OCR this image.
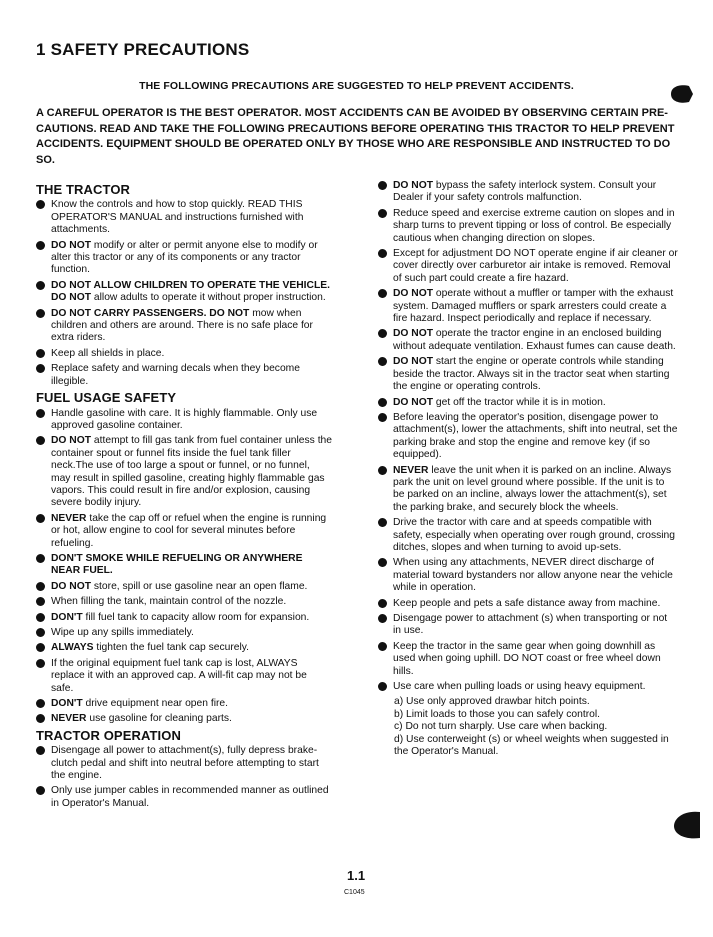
1 SAFETY PRECAUTIONS
THE FOLLOWING PRECAUTIONS ARE SUGGESTED TO HELP PREVENT ACCIDENTS.
A CAREFUL OPERATOR IS THE BEST OPERATOR. MOST ACCIDENTS CAN BE AVOIDED BY OBSERVING CERTAIN PRE-CAUTIONS. READ AND TAKE THE FOLLOWING PRECAUTIONS BEFORE OPERATING THIS TRACTOR TO HELP PREVENT ACCIDENTS. EQUIPMENT SHOULD BE OPERATED ONLY BY THOSE WHO ARE RESPONSIBLE AND INSTRUCTED TO DO SO.
THE TRACTOR
Know the controls and how to stop quickly. READ THIS OPERATOR'S MANUAL and instructions furnished with attachments.
DO NOT modify or alter or permit anyone else to modify or alter this tractor or any of its components or any tractor function.
DO NOT ALLOW CHILDREN TO OPERATE THE VEHICLE. DO NOT allow adults to operate it without proper instruction.
DO NOT CARRY PASSENGERS. DO NOT mow when children and others are around. There is no safe place for extra riders.
Keep all shields in place.
Replace safety and warning decals when they become illegible.
FUEL USAGE SAFETY
Handle gasoline with care. It is highly flammable. Only use approved gasoline container.
DO NOT attempt to fill gas tank from fuel container unless the container spout or funnel fits inside the fuel tank filler neck.The use of too large a spout or funnel, or no funnel, may result in spilled gasoline, creating highly flammable gas vapors. This could result in fire and/or explosion, causing severe bodily injury.
NEVER take the cap off or refuel when the engine is running or hot, allow engine to cool for several minutes before refueling.
DON'T SMOKE WHILE REFUELING OR ANYWHERE NEAR FUEL.
DO NOT store, spill or use gasoline near an open flame.
When filling the tank, maintain control of the nozzle.
DON'T fill fuel tank to capacity allow room for expansion.
Wipe up any spills immediately.
ALWAYS tighten the fuel tank cap securely.
If the original equipment fuel tank cap is lost, ALWAYS replace it with an approved cap. A will-fit cap may not be safe.
DON'T drive equipment near open fire.
NEVER use gasoline for cleaning parts.
TRACTOR OPERATION
Disengage all power to attachment(s), fully depress brake-clutch pedal and shift into neutral before attempting to start the engine.
Only use jumper cables in recommended manner as outlined in Operator's Manual.
DO NOT bypass the safety interlock system. Consult your Dealer if your safety controls malfunction.
Reduce speed and exercise extreme caution on slopes and in sharp turns to prevent tipping or loss of control. Be especially cautious when changing direction on slopes.
Except for adjustment DO NOT operate engine if air cleaner or cover directly over carburetor air intake is removed. Removal of such part could create a fire hazard.
DO NOT operate without a muffler or tamper with the exhaust system. Damaged mufflers or spark arresters could create a fire hazard. Inspect periodically and replace if necessary.
DO NOT operate the tractor engine in an enclosed building without adequate ventilation. Exhaust fumes can cause death.
DO NOT start the engine or operate controls while standing beside the tractor. Always sit in the tractor seat when starting the engine or operating controls.
DO NOT get off the tractor while it is in motion.
Before leaving the operator's position, disengage power to attachment(s), lower the attachments, shift into neutral, set the parking brake and stop the engine and remove key (if so equipped).
NEVER leave the unit when it is parked on an incline. Always park the unit on level ground where possible. If the unit is to be parked on an incline, always lower the attachment(s), set the parking brake, and securely block the wheels.
Drive the tractor with care and at speeds compatible with safety, especially when operating over rough ground, crossing ditches, slopes and when turning to avoid up-sets.
When using any attachments, NEVER direct discharge of material toward bystanders nor allow anyone near the vehicle while in operation.
Keep people and pets a safe distance away from machine.
Disengage power to attachment (s) when transporting or not in use.
Keep the tractor in the same gear when going downhill as used when going uphill. DO NOT coast or free wheel down hills.
Use care when pulling loads or using heavy equipment.
a) Use only approved drawbar hitch points.
b) Limit loads to those you can safely control.
c) Do not turn sharply. Use care when backing.
d) Use conterweight (s) or wheel weights when suggested in the Operator's Manual.
1.1
C1045
